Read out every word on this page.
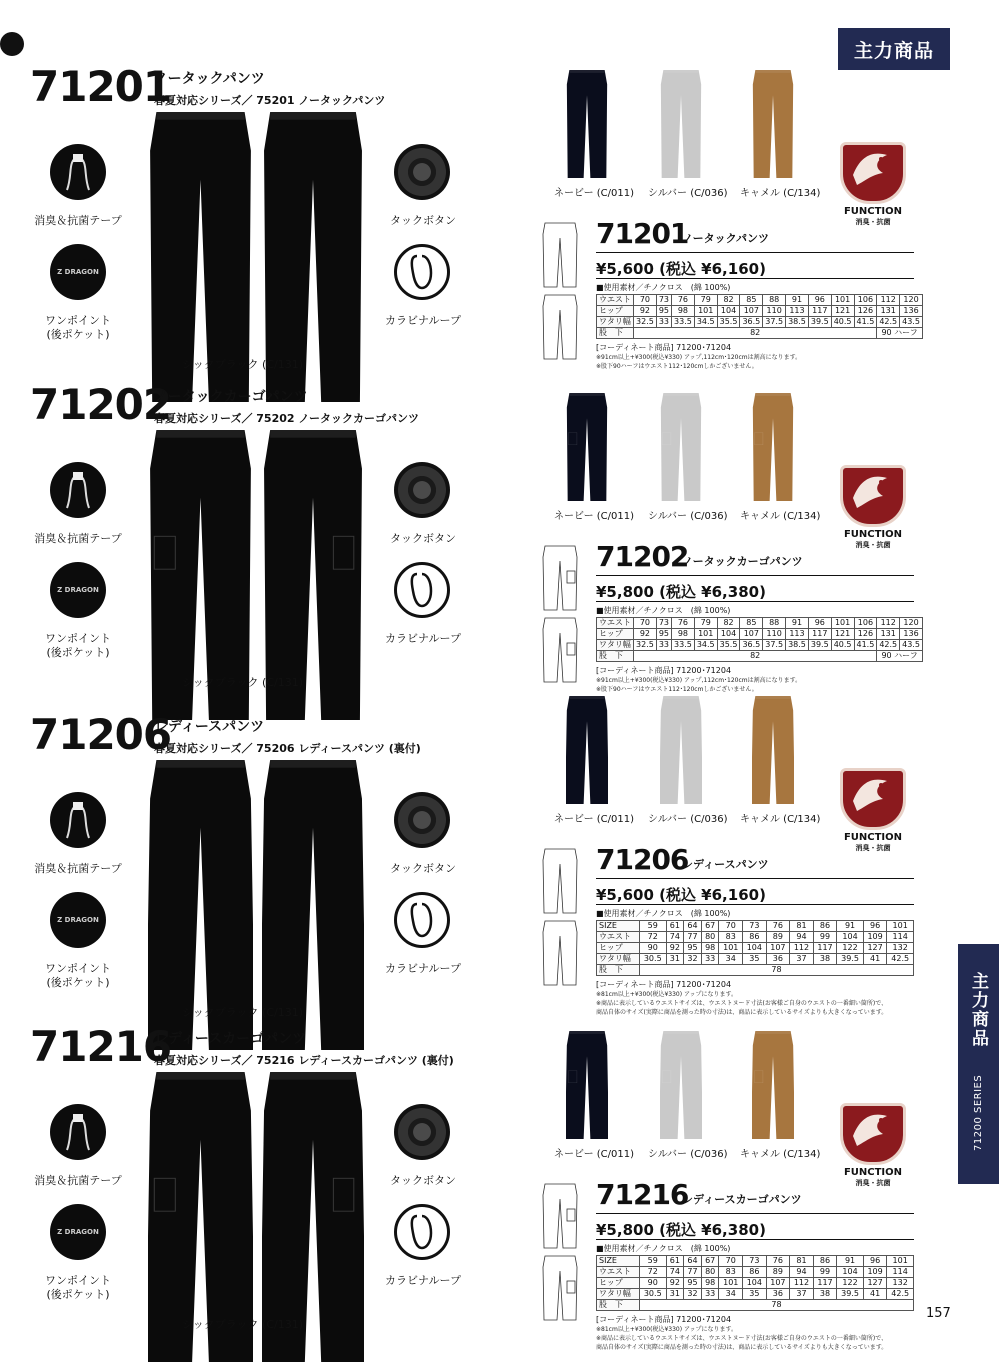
主力商品
主力商品
71200 SERIES
157
71201
ノータックパンツ
春夏対応シリーズ／ 75201 ノータックパンツ
シックブラック (C/131)
消臭＆抗菌テープ
Z DRAGON
ワンポイント
(後ポケット)
タックボタン
カラビナループ
ネービー (C/011) シルバー (C/036) キャメル (C/134)
FUNCTION
消臭・抗菌
71201
ノータックパンツ
¥5,600 (税込 ¥6,160)
■使用素材／チノクロス　(綿 100%)
ウエスト	70	73	76	79	82	85	88	91	96	101	106	112	120
ヒップ	92	95	98	101	104	107	110	113	117	121	126	131	136
ワタリ幅	32.5	33	33.5	34.5	35.5	36.5	37.5	38.5	39.5	40.5	41.5	42.5	43.5
股　下	82											90 ハーフ	
[コーディネート商品] 71200･71204
※91cm以上+¥300(税込¥330) アップ,112cm･120cmは割高になります。
※股下90ハーフはウエスト112･120cmしかございません。
71202
ノータックカーゴパンツ
春夏対応シリーズ／ 75202 ノータックカーゴパンツ
シックブラック (C/131)
消臭＆抗菌テープ
Z DRAGON
ワンポイント
(後ポケット)
タックボタン
カラビナループ
ネービー (C/011) シルバー (C/036) キャメル (C/134)
FUNCTION
消臭・抗菌
71202
ノータックカーゴパンツ
¥5,800 (税込 ¥6,380)
■使用素材／チノクロス　(綿 100%)
ウエスト	70	73	76	79	82	85	88	91	96	101	106	112	120
ヒップ	92	95	98	101	104	107	110	113	117	121	126	131	136
ワタリ幅	32.5	33	33.5	34.5	35.5	36.5	37.5	38.5	39.5	40.5	41.5	42.5	43.5
股　下	82											90 ハーフ	
[コーディネート商品] 71200･71204
※91cm以上+¥300(税込¥330) アップ,112cm･120cmは割高になります。
※股下90ハーフはウエスト112･120cmしかございません。
71206
レディースパンツ
春夏対応シリーズ／ 75206 レディースパンツ (裏付)
シックブラック (C/131)
消臭＆抗菌テープ
Z DRAGON
ワンポイント
(後ポケット)
タックボタン
カラビナループ
ネービー (C/011) シルバー (C/036) キャメル (C/134)
FUNCTION
消臭・抗菌
71206
レディースパンツ
¥5,600 (税込 ¥6,160)
■使用素材／チノクロス　(綿 100%)
SIZE	59	61	64	67	70	73	76	81	86	91	96	101
ウエスト	72	74	77	80	83	86	89	94	99	104	109	114
ヒップ	90	92	95	98	101	104	107	112	117	122	127	132
ワタリ幅	30.5	31	32	33	34	35	36	37	38	39.5	41	42.5
股　下	78											
[コーディネート商品] 71200･71204
※81cm以上+¥300(税込¥330) アップになります。
※商品に表示しているウエストサイズは、ウエストヌード寸法(お客様ご自身のウエストの一番細い箇所)で、
商品自体のサイズ(実際に商品を測った時の寸法)は、商品に表示しているサイズよりも大きくなっています。
71216
レディースカーゴパンツ
春夏対応シリーズ／ 75216 レディースカーゴパンツ (裏付)
シックブラック (C/131)
消臭＆抗菌テープ
Z DRAGON
ワンポイント
(後ポケット)
タックボタン
カラビナループ
ネービー (C/011) シルバー (C/036) キャメル (C/134)
FUNCTION
消臭・抗菌
71216
レディースカーゴパンツ
¥5,800 (税込 ¥6,380)
■使用素材／チノクロス　(綿 100%)
SIZE	59	61	64	67	70	73	76	81	86	91	96	101
ウエスト	72	74	77	80	83	86	89	94	99	104	109	114
ヒップ	90	92	95	98	101	104	107	112	117	122	127	132
ワタリ幅	30.5	31	32	33	34	35	36	37	38	39.5	41	42.5
股　下	78											
[コーディネート商品] 71200･71204
※81cm以上+¥300(税込¥330) アップになります。
※商品に表示しているウエストサイズは、ウエストヌード寸法(お客様ご自身のウエストの一番細い箇所)で、
商品自体のサイズ(実際に商品を測った時の寸法)は、商品に表示しているサイズよりも大きくなっています。
